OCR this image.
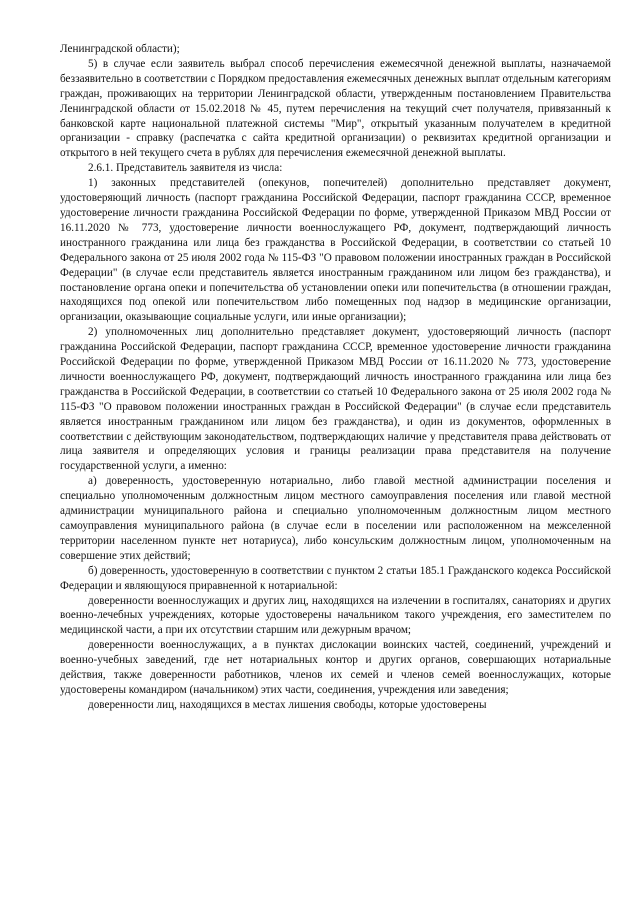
Ленинградской области);

5) в случае если заявитель выбрал способ перечисления ежемесячной денежной выплаты, назначаемой беззаявительно в соответствии с Порядком предоставления ежемесячных денежных выплат отдельным категориям граждан, проживающих на территории Ленинградской области, утвержденным постановлением Правительства Ленинградской области от 15.02.2018 № 45, путем перечисления на текущий счет получателя, привязанный к банковской карте национальной платежной системы "Мир", открытый указанным получателем в кредитной организации - справку (распечатка с сайта кредитной организации) о реквизитах кредитной организации и открытого в ней текущего счета в рублях для перечисления ежемесячной денежной выплаты.

2.6.1. Представитель заявителя из числа:

1) законных представителей (опекунов, попечителей) дополнительно представляет документ, удостоверяющий личность (паспорт гражданина Российской Федерации, паспорт гражданина СССР, временное удостоверение личности гражданина Российской Федерации по форме, утвержденной Приказом МВД России от 16.11.2020 № 773, удостоверение личности военнослужащего РФ, документ, подтверждающий личность иностранного гражданина или лица без гражданства в Российской Федерации, в соответствии со статьей 10 Федерального закона от 25 июля 2002 года № 115-ФЗ "О правовом положении иностранных граждан в Российской Федерации" (в случае если представитель является иностранным гражданином или лицом без гражданства), и постановление органа опеки и попечительства об установлении опеки или попечительства (в отношении граждан, находящихся под опекой или попечительством либо помещенных под надзор в медицинские организации, организации, оказывающие социальные услуги, или иные организации);

2) уполномоченных лиц дополнительно представляет документ, удостоверяющий личность (паспорт гражданина Российской Федерации, паспорт гражданина СССР, временное удостоверение личности гражданина Российской Федерации по форме, утвержденной Приказом МВД России от 16.11.2020 № 773, удостоверение личности военнослужащего РФ, документ, подтверждающий личность иностранного гражданина или лица без гражданства в Российской Федерации, в соответствии со статьей 10 Федерального закона от 25 июля 2002 года № 115-ФЗ "О правовом положении иностранных граждан в Российской Федерации" (в случае если представитель является иностранным гражданином или лицом без гражданства), и один из документов, оформленных в соответствии с действующим законодательством, подтверждающих наличие у представителя права действовать от лица заявителя и определяющих условия и границы реализации права представителя на получение государственной услуги, а именно:

а) доверенность, удостоверенную нотариально, либо главой местной администрации поселения и специально уполномоченным должностным лицом местного самоуправления поселения или главой местной администрации муниципального района и специально уполномоченным должностным лицом местного самоуправления муниципального района (в случае если в поселении или расположенном на межселенной территории населенном пункте нет нотариуса), либо консульским должностным лицом, уполномоченным на совершение этих действий;

б) доверенность, удостоверенную в соответствии с пунктом 2 статьи 185.1 Гражданского кодекса Российской Федерации и являющуюся приравненной к нотариальной:

доверенности военнослужащих и других лиц, находящихся на излечении в госпиталях, санаториях и других военно-лечебных учреждениях, которые удостоверены начальником такого учреждения, его заместителем по медицинской части, а при их отсутствии старшим или дежурным врачом;

доверенности военнослужащих, а в пунктах дислокации воинских частей, соединений, учреждений и военно-учебных заведений, где нет нотариальных контор и других органов, совершающих нотариальные действия, также доверенности работников, членов их семей и членов семей военнослужащих, которые удостоверены командиром (начальником) этих части, соединения, учреждения или заведения;

доверенности лиц, находящихся в местах лишения свободы, которые удостоверены
